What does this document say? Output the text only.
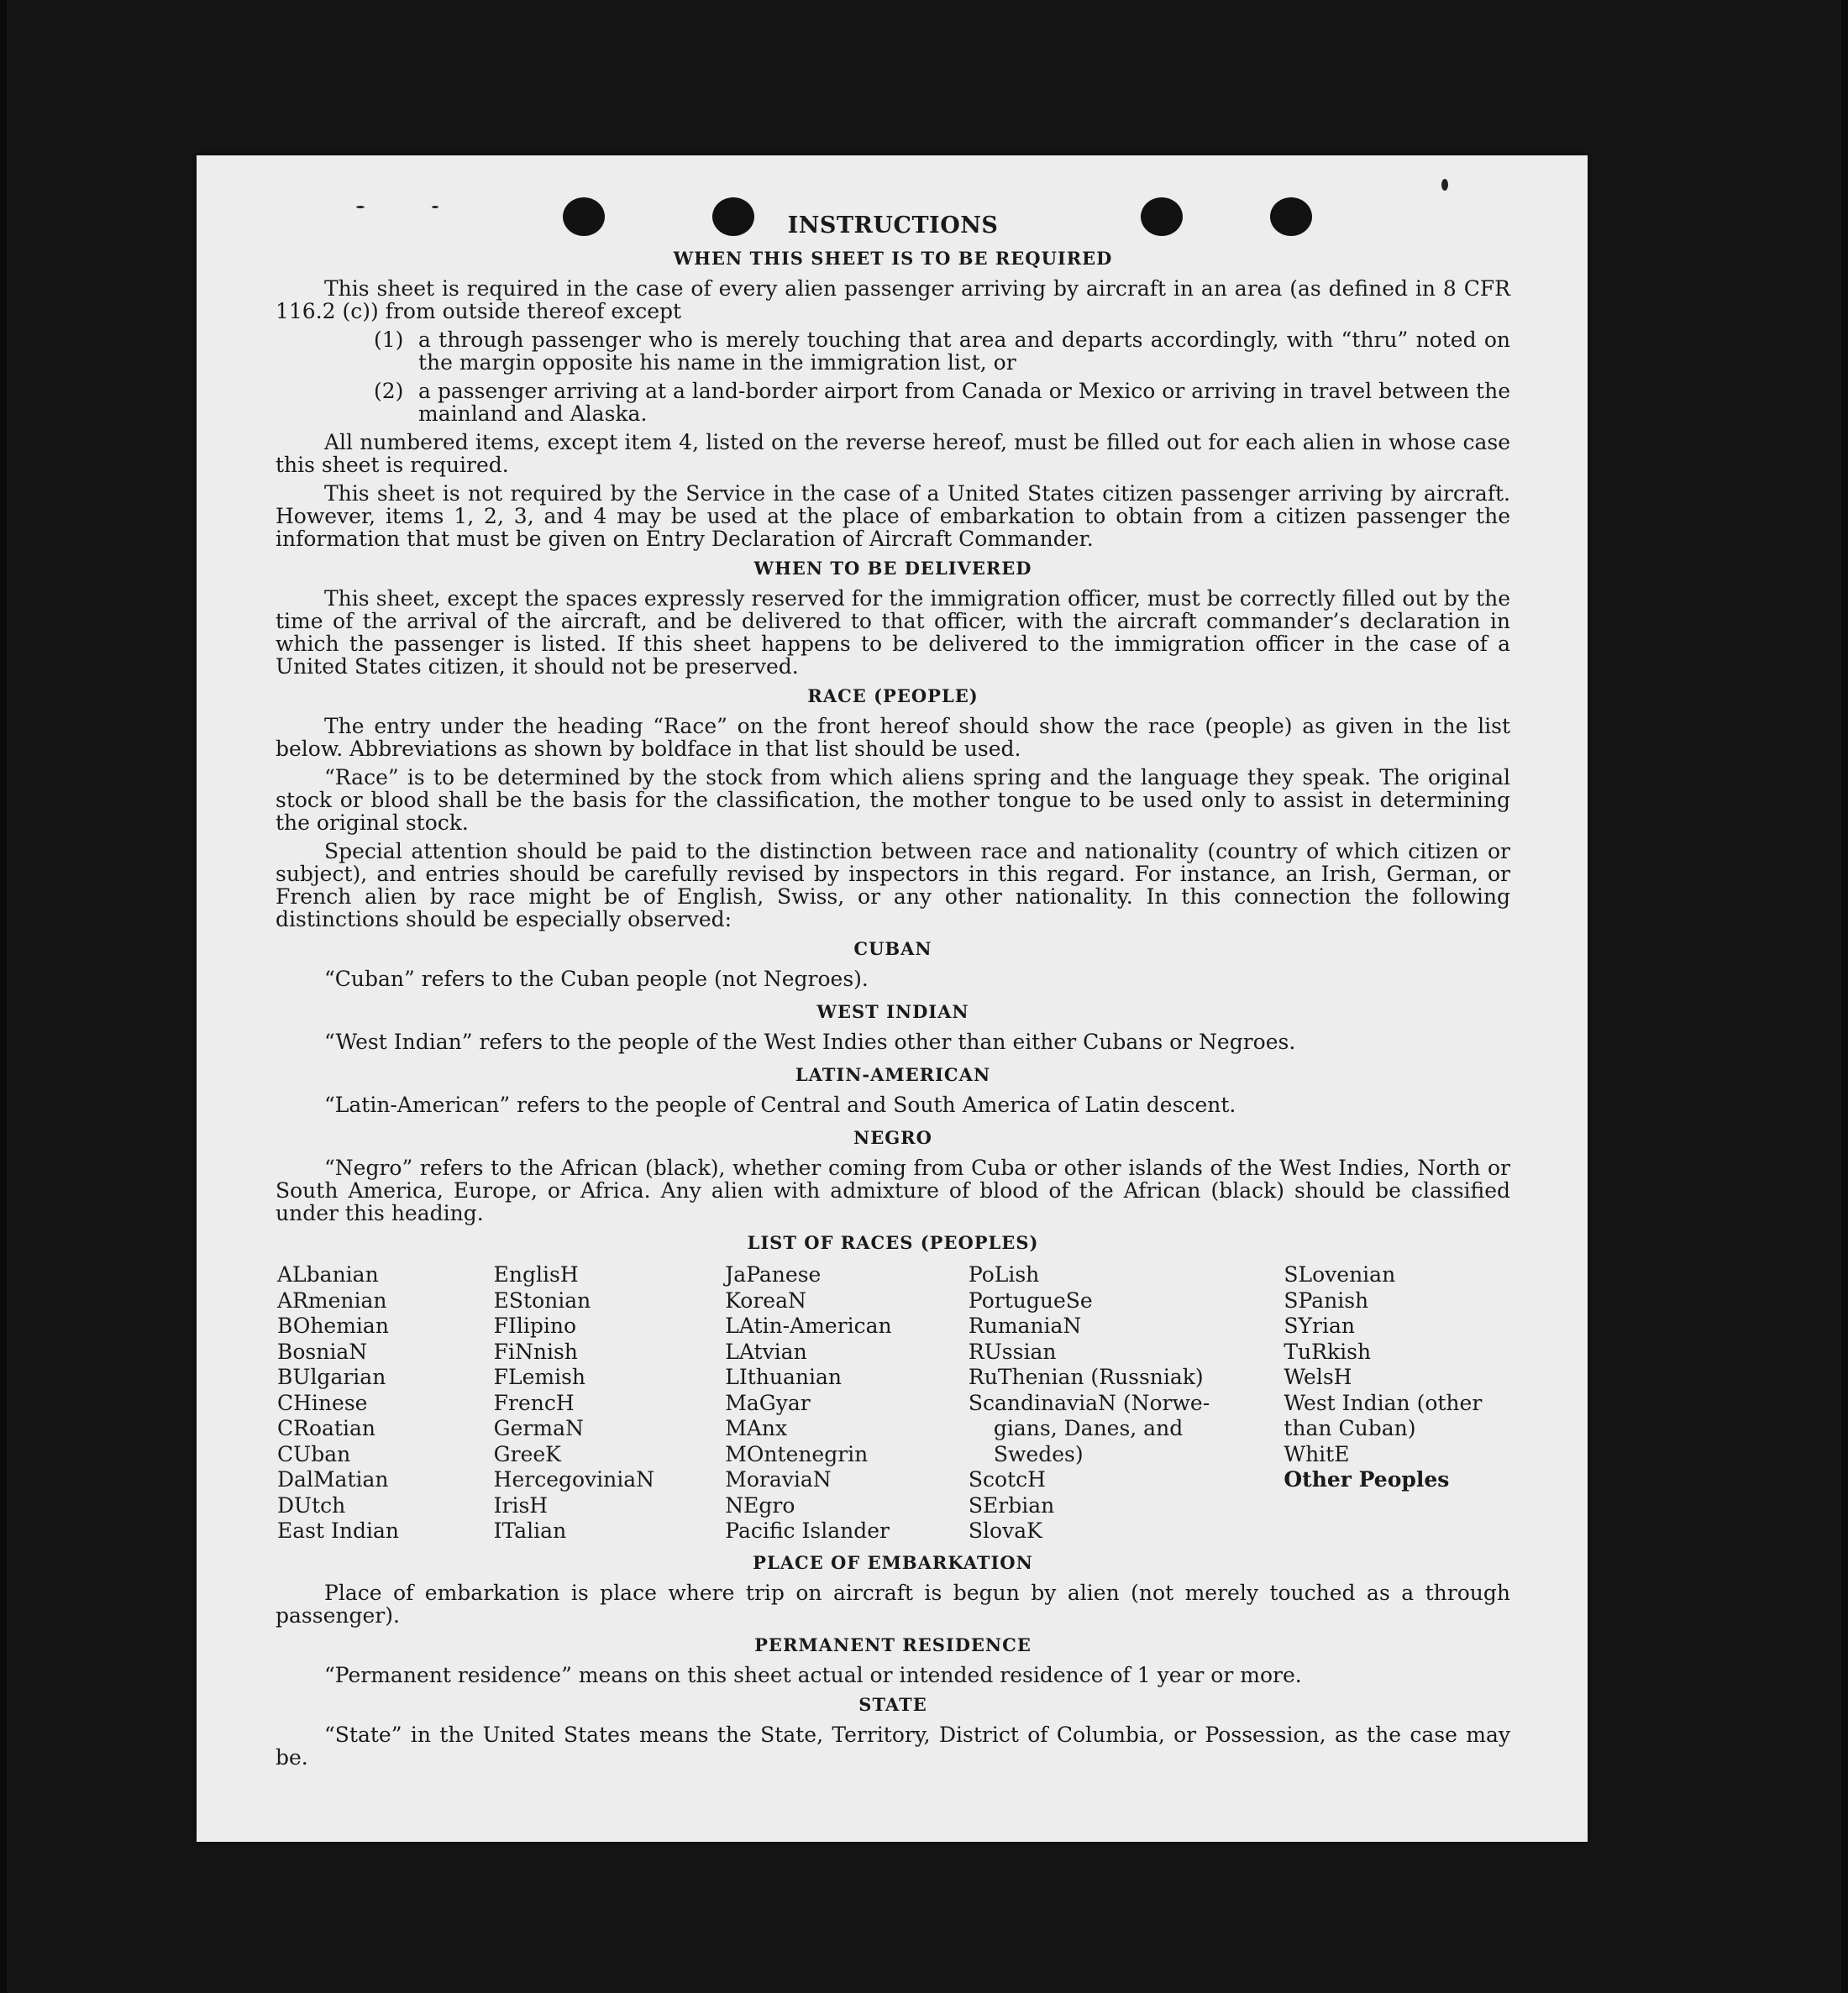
INSTRUCTIONS
WHEN THIS SHEET IS TO BE REQUIRED

This sheet is required in the case of every alien passenger arriving by aircraft in an area (as defined in 8 CFR 116.2 (c)) from outside thereof except

(1) a through passenger who is merely touching that area and departs accordingly, with “thru” noted on the margin opposite his name in the immigration list, or

(2) a passenger arriving at a land-border airport from Canada or Mexico or arriving in travel between the mainland and Alaska.

All numbered items, except item 4, listed on the reverse hereof, must be filled out for each alien in whose case this sheet is required.

This sheet is not required by the Service in the case of a United States citizen passenger arriving by aircraft. However, items 1, 2, 3, and 4 may be used at the place of embarkation to obtain from a citizen passenger the information that must be given on Entry Declaration of Aircraft Commander.

WHEN TO BE DELIVERED

This sheet, except the spaces expressly reserved for the immigration officer, must be correctly filled out by the time of the arrival of the aircraft, and be delivered to that officer, with the aircraft commander’s declaration in which the passenger is listed. If this sheet happens to be delivered to the immigration officer in the case of a United States citizen, it should not be preserved.

RACE (PEOPLE)

The entry under the heading “Race” on the front hereof should show the race (people) as given in the list below. Abbreviations as shown by boldface in that list should be used.

“Race” is to be determined by the stock from which aliens spring and the language they speak. The original stock or blood shall be the basis for the classification, the mother tongue to be used only to assist in determining the original stock.

Special attention should be paid to the distinction between race and nationality (country of which citizen or subject), and entries should be carefully revised by inspectors in this regard. For instance, an Irish, German, or French alien by race might be of English, Swiss, or any other nationality. In this connection the following distinctions should be especially observed:

CUBAN
“Cuban” refers to the Cuban people (not Negroes).
WEST INDIAN
“West Indian” refers to the people of the West Indies other than either Cubans or Negroes.
LATIN-AMERICAN
“Latin-American” refers to the people of Central and South America of Latin descent.
NEGRO

“Negro” refers to the African (black), whether coming from Cuba or other islands of the West Indies, North or South America, Europe, or Africa. Any alien with admixture of blood of the African (black) should be classified under this heading.

LIST OF RACES (PEOPLES)
ALbanian
ARmenian
BOhemian
BosniaN
BUlgarian
CHinese
CRoatian
CUban
DalMatian
DUtch
East Indian
EnglisH
EStonian
FIlipino
FiNnish
FLemish
FrencH
GermaN
GreeK
HercegoviniaN
IrisH
ITalian
JaPanese
KoreaN
LAtin-American
LAtvian
LIthuanian
MaGyar
MAnx
MOntenegrin
MoraviaN
NEgro
Pacific Islander
PoLish
PortugueSe
RumaniaN
RUssian
RuThenian (Russniak)
ScandinaviaN (Norwe-
gians, Danes, and
Swedes)
ScotcH
SErbian
SlovaK
SLovenian
SPanish
SYrian
TuRkish
WelsH
West Indian (other
than Cuban)
WhitE
Other Peoples
PLACE OF EMBARKATION

Place of embarkation is place where trip on aircraft is begun by alien (not merely touched as a through passenger).

PERMANENT RESIDENCE

“Permanent residence” means on this sheet actual or intended residence of 1 year or more.

STATE

“State” in the United States means the State, Territory, District of Columbia, or Possession, as the case may be.
